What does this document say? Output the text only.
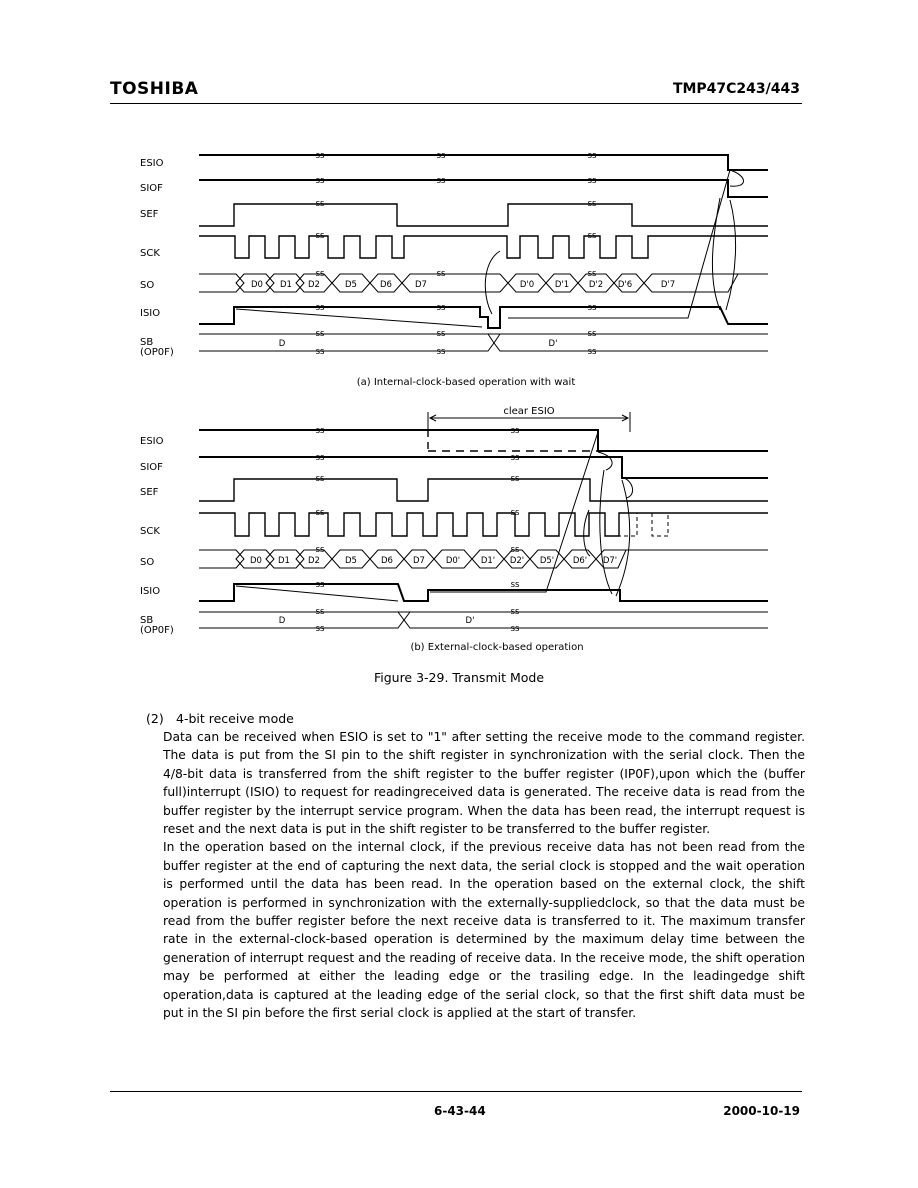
TOSHIBA	TMP47C243/443
ss	ss	ss
ss	ss	ss
ss	ss
ss	ss
ss	ss	ss
ss	ss	ss
ss	ss	ss
ss	ss	ss
ss	ss
ss	ss
ss	ss
ss	ss
ss	ss
ss	ss
ss	ss
ss	ss
ESIO
SIOF
SEF
SCK
SO
ISIO
SB
(OP0F)
D0 D1 D2	D5	D6	D7	D'0 D'1 D'2 D'6	D'7
D	D'
(a) Internal-clock-based operation with wait
clear ESIO
ESIO
SIOF
SEF
SCK
SO
ISIO
SB
(OP0F)
D0 D1 D2	D5	D6 D7 D0' D1' D2' D5' D6' D7'
D	D'
(b) External-clock-based operation
Figure 3-29. Transmit Mode
(2) 4-bit receive mode

Data can be received when ESIO is set to "1" after setting the receive mode to the command register. The data is put from the SI pin to the shift register in synchronization with the serial clock. Then the 4/8-bit data is transferred from the shift register to the buffer register (IP0F),upon which the (buffer full)interrupt (ISIO) to request for readingreceived data is generated. The receive data is read from the buffer register by the interrupt service program. When the data has been read, the interrupt request is reset and the next data is put in the shift register to be transferred to the buffer register.

In the operation based on the internal clock, if the previous receive data has not been read from the buffer register at the end of capturing the next data, the serial clock is stopped and the wait operation is performed until the data has been read. In the operation based on the external clock, the shift operation is performed in synchronization with the externally-suppliedclock, so that the data must be read from the buffer register before the next receive data is transferred to it. The maximum transfer rate in the external-clock-based operation is determined by the maximum delay time between the generation of interrupt request and the reading of receive data. In the receive mode, the shift operation may be performed at either the leading edge or the trasiling edge. In the leadingedge shift operation,data is captured at the leading edge of the serial clock, so that the first shift data must be put in the SI pin before the first serial clock is applied at the start of transfer.

6-43-44	2000-10-19
